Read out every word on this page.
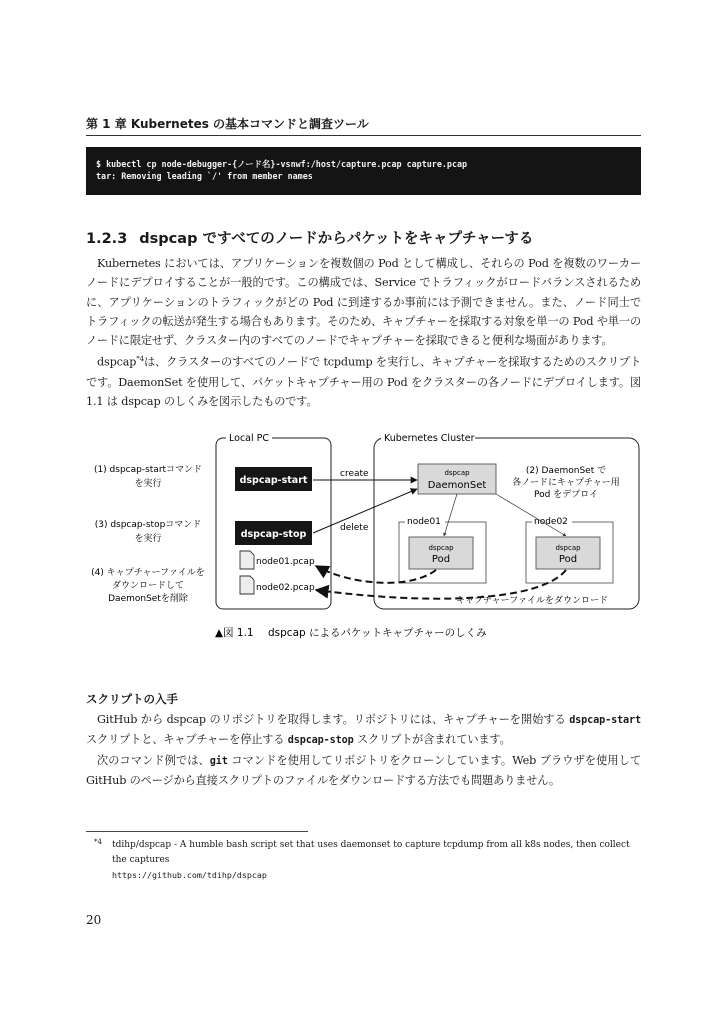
第 1 章 Kubernetes の基本コマンドと調査ツール
$ kubectl cp node-debugger-{ノード名}-vsnwf:/host/capture.pcap capture.pcap
tar: Removing leading `/' from member names
1.2.3 dspcap ですべてのノードからパケットをキャプチャーする

Kubernetes においては、アプリケーションを複数個の Pod として構成し、それらの Pod を複数のワーカーノードにデプロイすることが一般的です。この構成では、Service でトラフィックがロードバランスされるために、アプリケーションのトラフィックがどの Pod に到達するか事前には予測できません。また、ノード同士でトラフィックの転送が発生する場合もあります。そのため、キャプチャーを採取する対象を単一の Pod や単一のノードに限定せず、クラスター内のすべてのノードでキャプチャーを採取できると便利な場面があります。

dspcap$^{*4}$は、クラスターのすべてのノードで tcpdump を実行し、キャプチャーを採取するためのスクリプトです。DaemonSet を使用して、パケットキャプチャー用の Pod をクラスターの各ノードにデプロイします。図 1.1 は dspcap のしくみを図示したものです。

Local PC	Kubernetes Cluster
(1) dspcap-startコマンド
を実行
(3) dspcap-stopコマンド
を実行
(4) キャプチャーファイルを
ダウンロードして
DaemonSetを削除
dspcap-start
dspcap-stop
node01.pcap
node02.pcap
dspcap
DaemonSet
create
delete
(2) DaemonSet で
各ノードにキャプチャー用
Pod をデプロイ
node01	node02
dspcap
Pod
dspcap
Pod
キャプチャーファイルをダウンロード
▲図 1.1 dspcap によるパケットキャプチャーのしくみ
スクリプトの入手

GitHub から dspcap のリポジトリを取得します。リポジトリには、キャプチャーを開始する dspcap-start スクリプトと、キャプチャーを停止する dspcap-stop スクリプトが含まれています。

次のコマンド例では、git コマンドを使用してリポジトリをクローンしています。Web ブラウザを使用して GitHub のページから直接スクリプトのファイルをダウンロードする方法でも問題ありません。

*4	tdihp/dspcap - A humble bash script set that uses daemonset to capture tcpdump from all k8s nodes, then collect the captures
https://github.com/tdihp/dspcap
20
